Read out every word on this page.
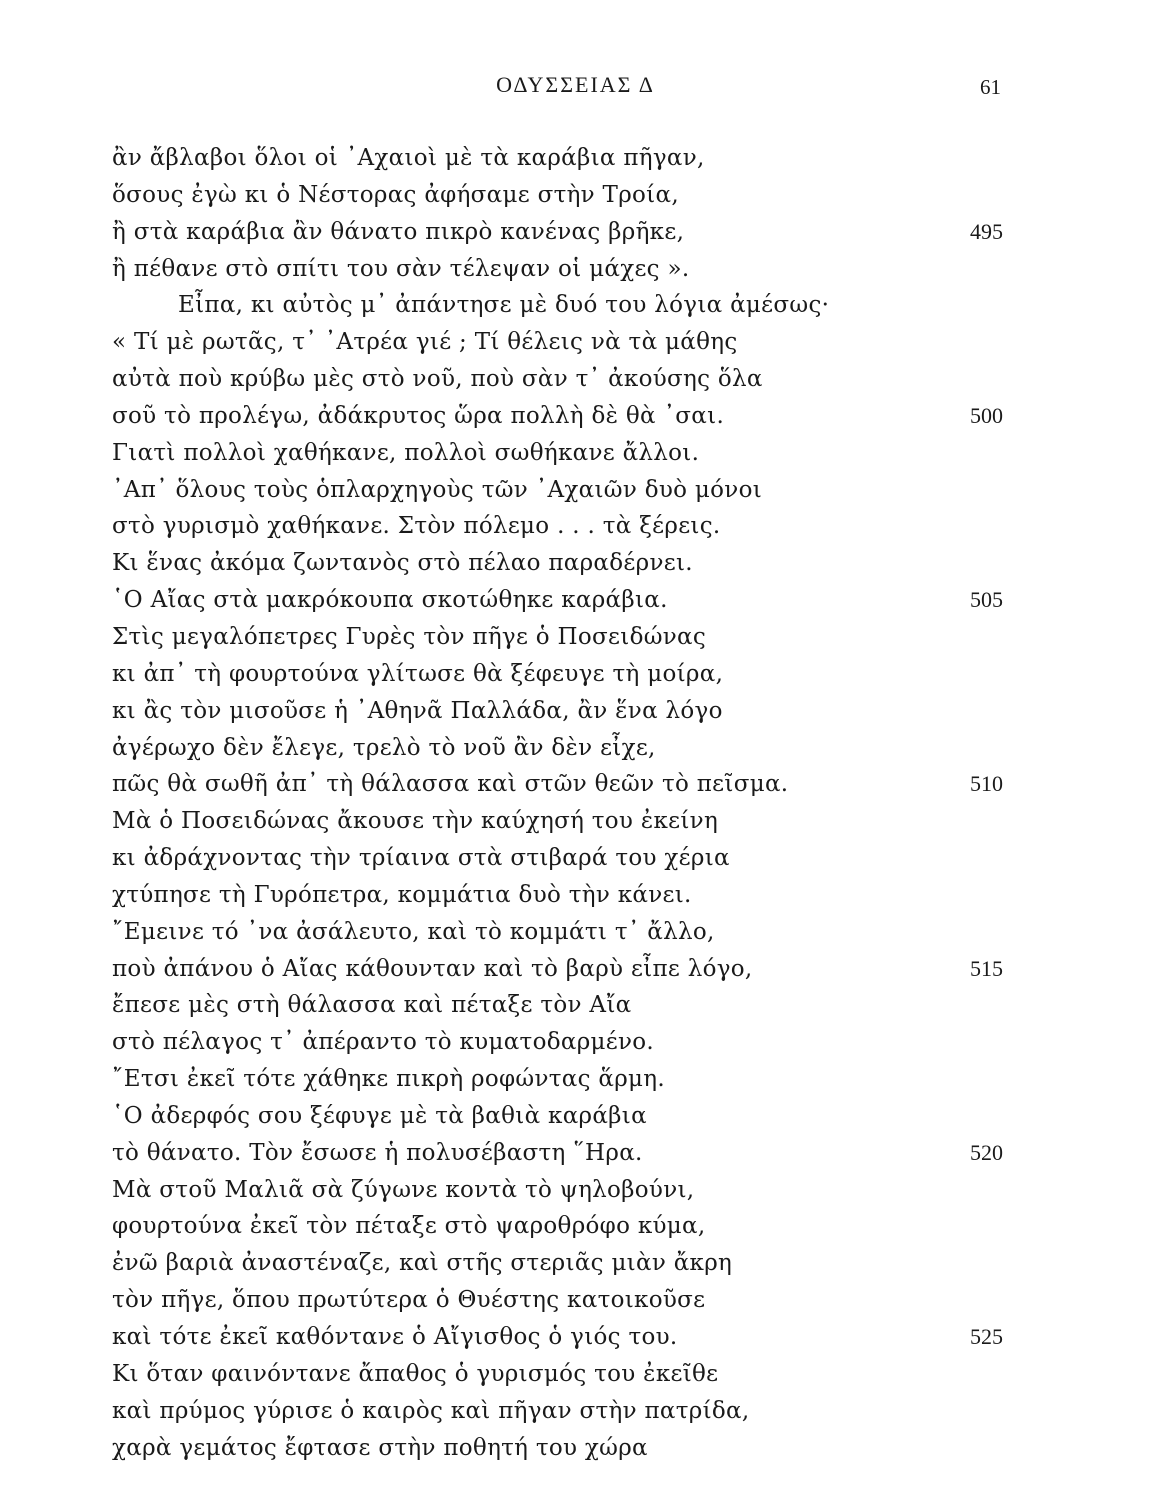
ΟΔΥΣΣΕΙΑΣ Δ	61
ἂν ἄβλαβοι ὅλοι οἱ ᾿Αχαιοὶ μὲ τὰ καράβια πῆγαν,
ὅσους ἐγὼ κι ὁ Νέστορας ἀφήσαμε στὴν Τροία,
ἢ στὰ καράβια ἂν θάνατο πικρὸ κανένας βρῆκε,	495
ἢ πέθανε στὸ σπίτι του σὰν τέλεψαν οἱ μάχες ».
Εἶπα, κι αὐτὸς μ᾿ ἀπάντησε μὲ δυό του λόγια ἀμέσως·
« Τί μὲ ρωτᾶς, τ᾿ ᾿Ατρέα γιέ ; Τί θέλεις νὰ τὰ μάθης
αὐτὰ ποὺ κρύβω μὲς στὸ νοῦ, ποὺ σὰν τ᾿ ἀκούσης ὅλα
σοῦ τὸ προλέγω, ἀδάκρυτος ὥρα πολλὴ δὲ θὰ ᾿σαι.	500
Γιατὶ πολλοὶ χαθήκανε, πολλοὶ σωθήκανε ἄλλοι.
᾿Απ᾿ ὅλους τοὺς ὁπλαρχηγοὺς τῶν ᾿Αχαιῶν δυὸ μόνοι
στὸ γυρισμὸ χαθήκανε. Στὸν πόλεμο . . . τὰ ξέρεις.
Κι ἕνας ἀκόμα ζωντανὸς στὸ πέλαο παραδέρνει.
῾Ο Αἴας στὰ μακρόκουπα σκοτώθηκε καράβια.	505
Στὶς μεγαλόπετρες Γυρὲς τὸν πῆγε ὁ Ποσειδώνας
κι ἀπ᾿ τὴ φουρτούνα γλίτωσε θὰ ξέφευγε τὴ μοίρα,
κι ἂς τὸν μισοῦσε ἡ ᾿Αθηνᾶ Παλλάδα, ἂν ἕνα λόγο
ἀγέρωχο δὲν ἔλεγε, τρελὸ τὸ νοῦ ἂν δὲν εἶχε,
πῶς θὰ σωθῆ ἀπ᾿ τὴ θάλασσα καὶ στῶν θεῶν τὸ πεῖσμα.	510
Μὰ ὁ Ποσειδώνας ἄκουσε τὴν καύχησή του ἐκείνη
κι ἀδράχνοντας τὴν τρίαινα στὰ στιβαρά του χέρια
χτύπησε τὴ Γυρόπετρα, κομμάτια δυὸ τὴν κάνει.
῎Εμεινε τό ᾿να ἀσάλευτο, καὶ τὸ κομμάτι τ᾿ ἄλλο,
ποὺ ἀπάνου ὁ Αἴας κάθουνταν καὶ τὸ βαρὺ εἶπε λόγο,	515
ἔπεσε μὲς στὴ θάλασσα καὶ πέταξε τὸν Αἴα
στὸ πέλαγος τ᾿ ἀπέραντο τὸ κυματοδαρμένο.
῎Ετσι ἐκεῖ τότε χάθηκε πικρὴ ροφώντας ἅρμη.
῾Ο ἀδερφός σου ξέφυγε μὲ τὰ βαθιὰ καράβια
τὸ θάνατο. Τὸν ἔσωσε ἡ πολυσέβαστη ῞Ηρα.	520
Μὰ στοῦ Μαλιᾶ σὰ ζύγωνε κοντὰ τὸ ψηλοβούνι,
φουρτούνα ἐκεῖ τὸν πέταξε στὸ ψαροθρόφο κύμα,
ἐνῶ βαριὰ ἀναστέναζε, καὶ στῆς στεριᾶς μιὰν ἄκρη
τὸν πῆγε, ὅπου πρωτύτερα ὁ Θυέστης κατοικοῦσε
καὶ τότε ἐκεῖ καθόντανε ὁ Αἴγισθος ὁ γιός του.	525
Κι ὅταν φαινόντανε ἄπαθος ὁ γυρισμός του ἐκεῖθε
καὶ πρύμος γύρισε ὁ καιρὸς καὶ πῆγαν στὴν πατρίδα,
χαρὰ γεμάτος ἔφτασε στὴν ποθητή του χώρα
